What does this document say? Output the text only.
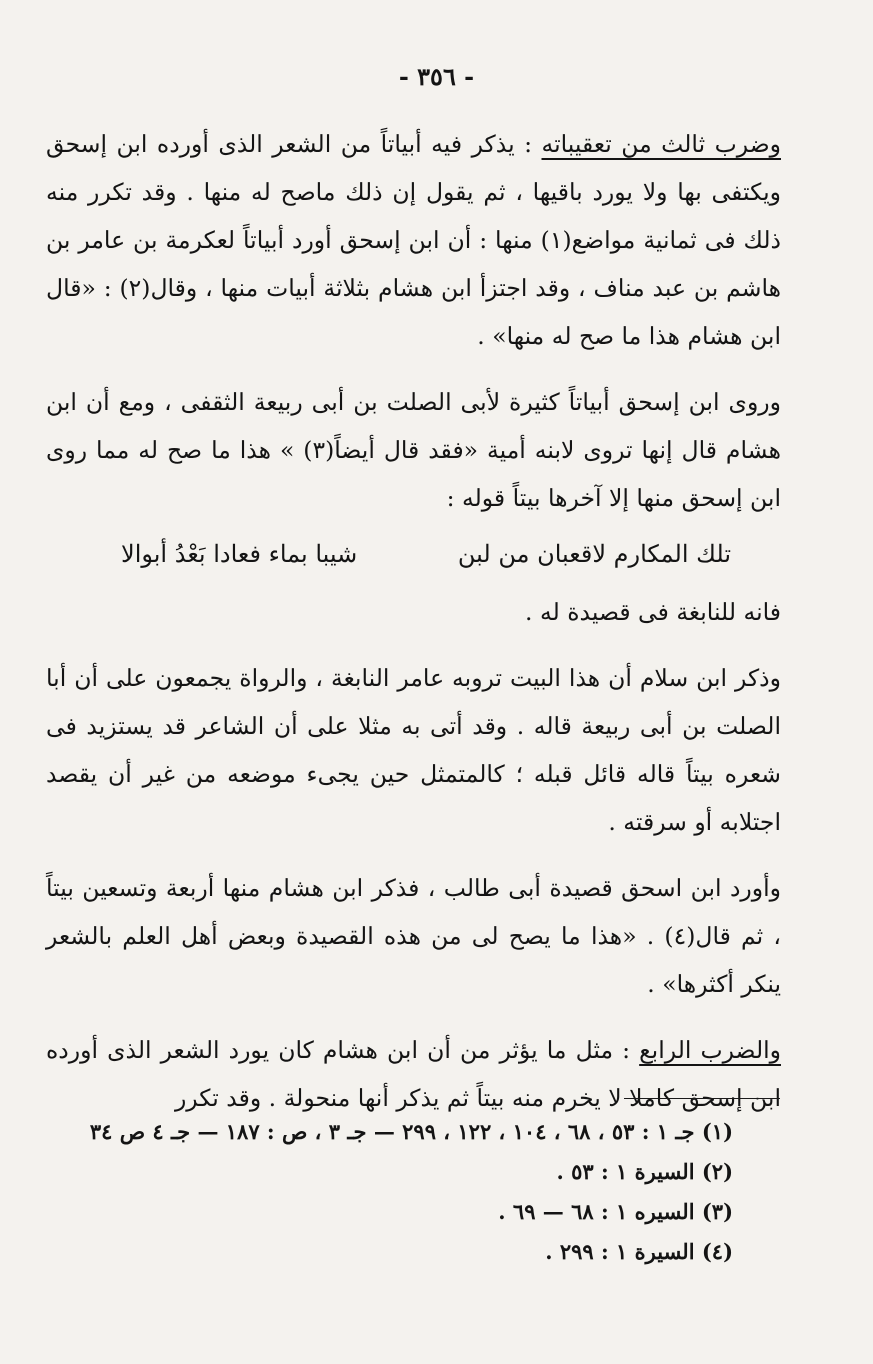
- ٣٥٦ -

وضرب ثالث من تعقيباته : يذكر فيه أبياتاً من الشعر الذى أورده ابن إسحق ويكتفى بها ولا يورد باقيها ، ثم يقول إن ذلك ماصح له منها . وقد تكرر منه ذلك فى ثمانية مواضع(١) منها : أن ابن إسحق أورد أبياتاً لعكرمة بن عامر بن هاشم بن عبد مناف ، وقد اجتزأ ابن هشام بثلاثة أبيات منها ، وقال(٢) : «قال ابن هشام هذا ما صح له منها» .

وروى ابن إسحق أبياتاً كثيرة لأبى الصلت بن أبى ربيعة الثقفى ، ومع أن ابن هشام قال إنها تروى لابنه أمية «فقد قال أيضاً(٣) » هذا ما صح له مما روى ابن إسحق منها إلا آخرها بيتاً قوله :

تلك المكارم لاقعبان من لبن
شيبا بماء فعادا بَعْدُ أبوالا

فانه للنابغة فى قصيدة له .

وذكر ابن سلام أن هذا البيت تروبه عامر النابغة ، والرواة يجمعون على أن أبا الصلت بن أبى ربيعة قاله . وقد أتى به مثلا على أن الشاعر قد يستزيد فى شعره بيتاً قاله قائل قبله ؛ كالمتمثل حين يجىء موضعه من غير أن يقصد اجتلابه أو سرقته .

وأورد ابن اسحق قصيدة أبى طالب ، فذكر ابن هشام منها أربعة وتسعين بيتاً ، ثم قال(٤) . «هذا ما يصح لى من هذه القصيدة وبعض أهل العلم بالشعر ينكر أكثرها» .

والضرب الرابع : مثل ما يؤثر من أن ابن هشام كان يورد الشعر الذى أورده ابن إسحق كاملا لا يخرم منه بيتاً ثم يذكر أنها منحولة . وقد تكرر

(١) جـ ١ : ٥٣ ، ٦٨ ، ١٠٤ ، ١٢٢ ، ٢٩٩ — جـ ٣ ، ص : ١٨٧ — جـ ٤ ص ٣٤

(٢) السيرة ١ : ٥٣ .

(٣) السيره ١ : ٦٨ — ٦٩ .

(٤) السيرة ١ : ٢٩٩ .
